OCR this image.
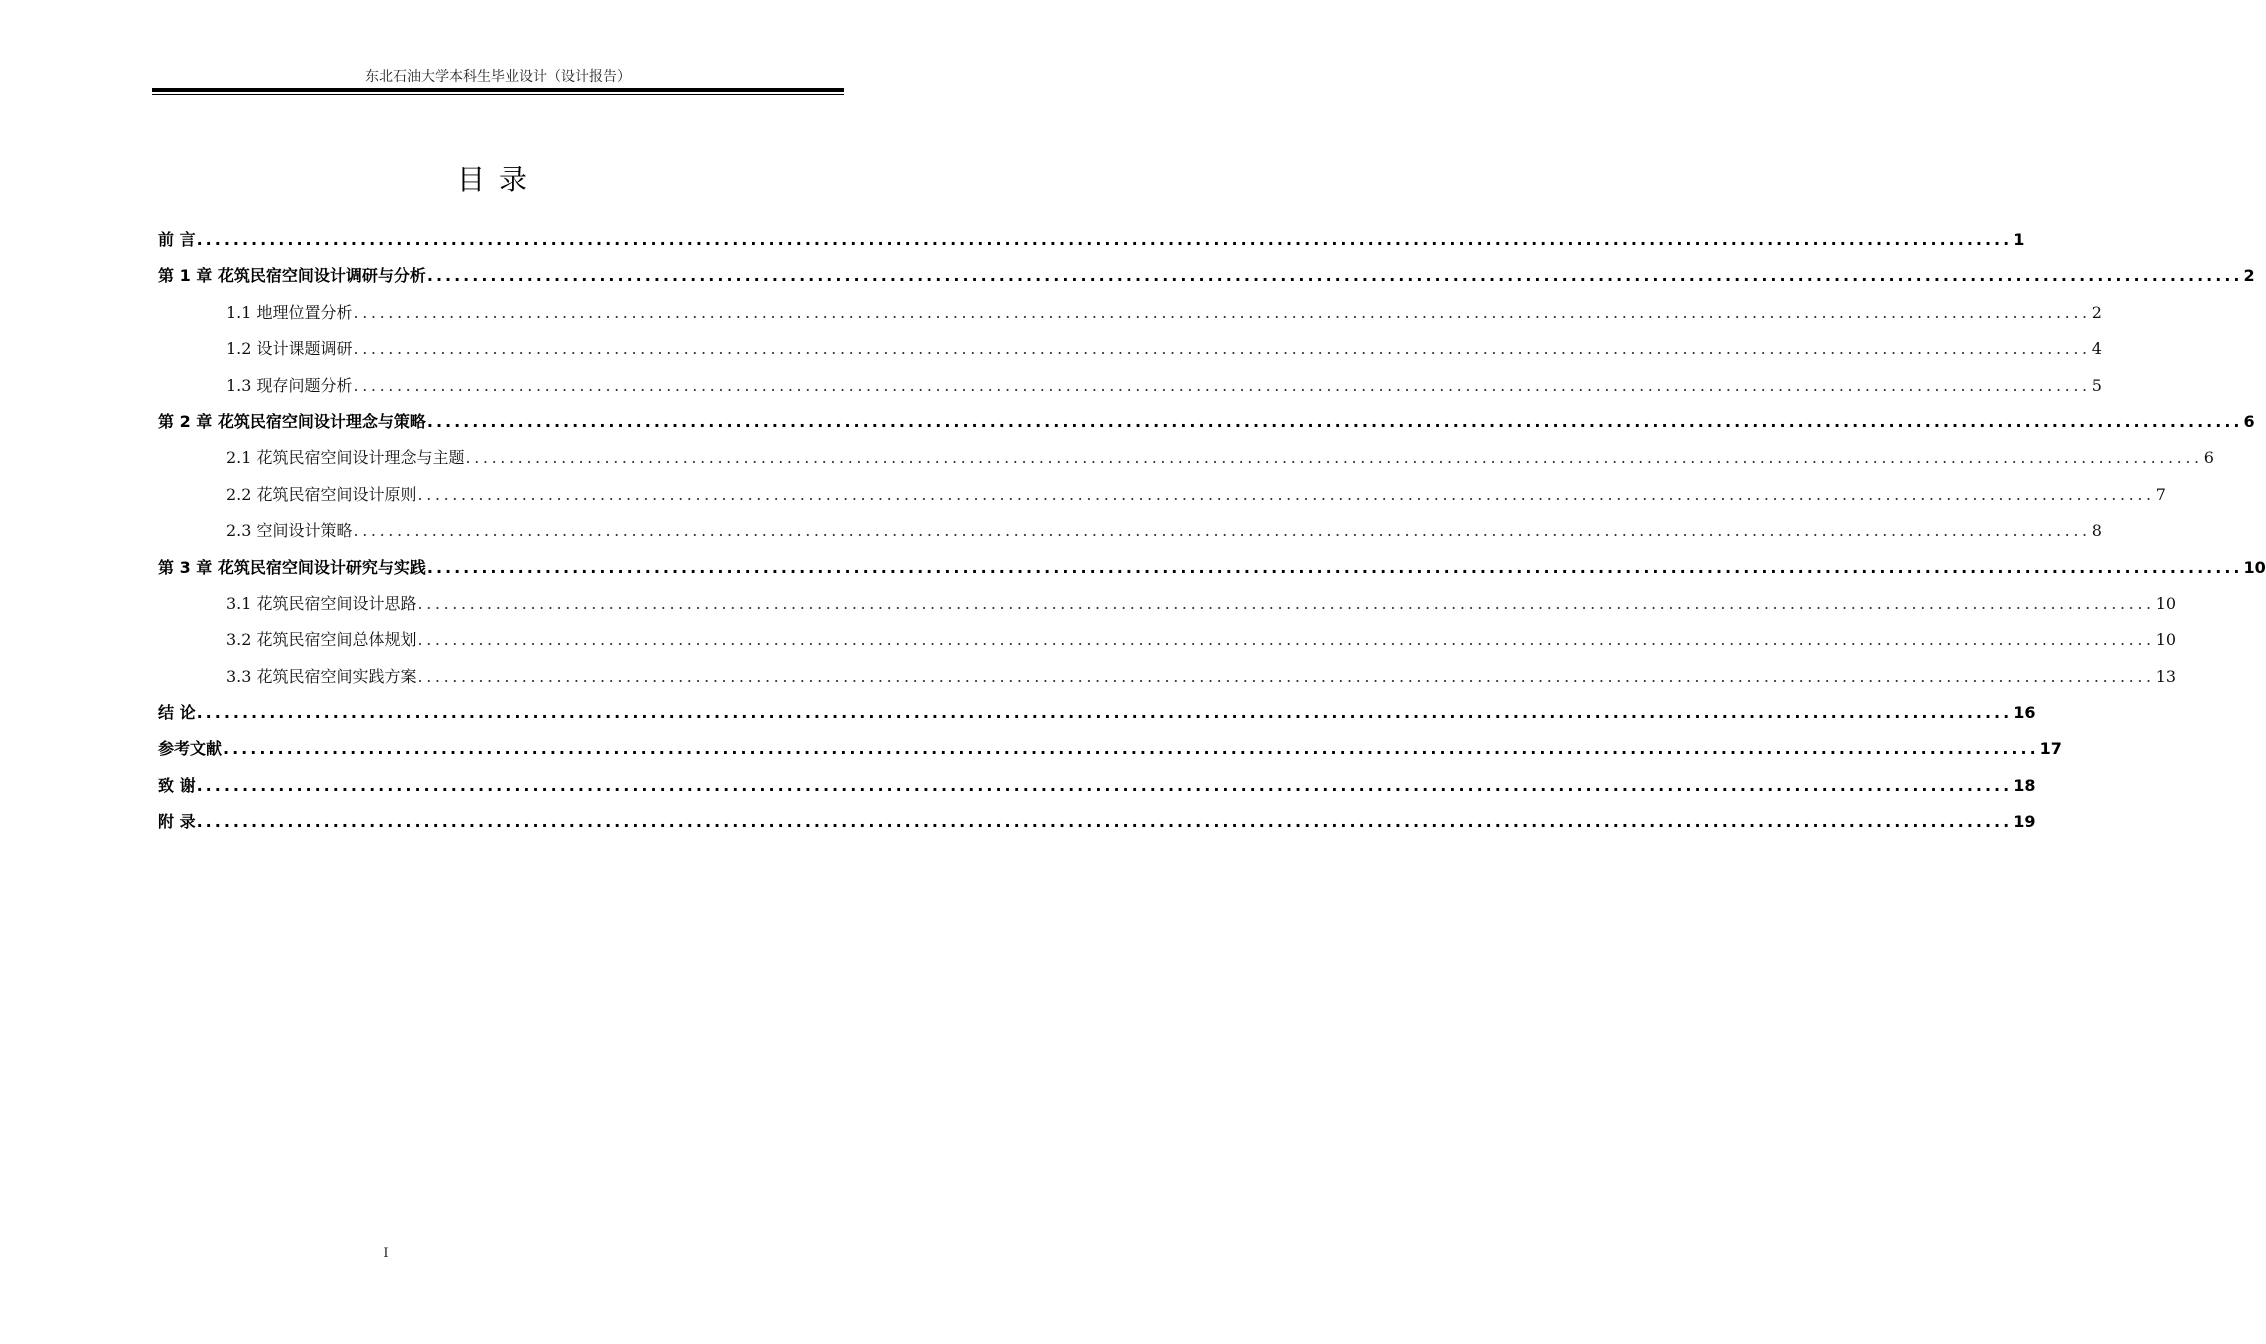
东北石油大学本科生毕业设计（设计报告）
目录
前 言 ........................................................................................................................................................................................................ 1
第 1 章 花筑民宿空间设计调研与分析 ........................................................................................................................................................................................................ 2
1.1 地理位置分析 ........................................................................................................................................................................................................ 2
1.2 设计课题调研 ........................................................................................................................................................................................................ 4
1.3 现存问题分析 ........................................................................................................................................................................................................ 5
第 2 章 花筑民宿空间设计理念与策略 ........................................................................................................................................................................................................ 6
2.1 花筑民宿空间设计理念与主题 ........................................................................................................................................................................................................ 6
2.2 花筑民宿空间设计原则 ........................................................................................................................................................................................................ 7
2.3 空间设计策略 ........................................................................................................................................................................................................ 8
第 3 章 花筑民宿空间设计研究与实践 ........................................................................................................................................................................................................ 10
3.1 花筑民宿空间设计思路 ........................................................................................................................................................................................................ 10
3.2 花筑民宿空间总体规划 ........................................................................................................................................................................................................ 10
3.3 花筑民宿空间实践方案 ........................................................................................................................................................................................................ 13
结 论 ........................................................................................................................................................................................................ 16
参考文献 ........................................................................................................................................................................................................ 17
致 谢 ........................................................................................................................................................................................................ 18
附 录 ........................................................................................................................................................................................................ 19
I
